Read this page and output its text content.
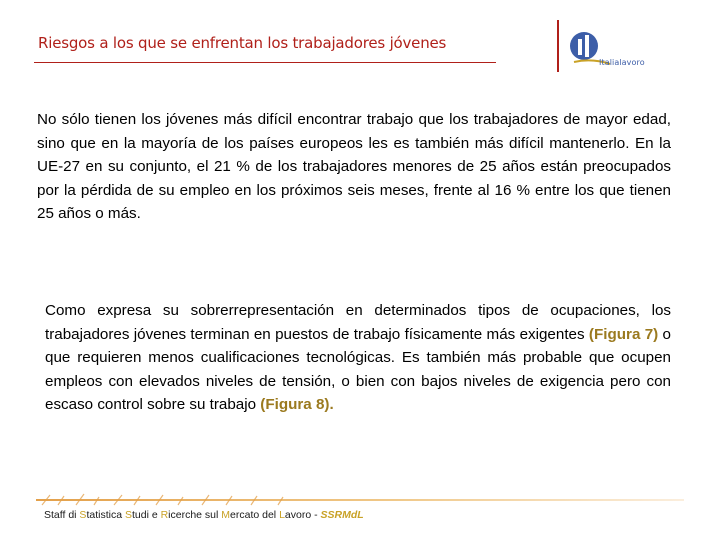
Riesgos a los que se enfrentan los trabajadores jóvenes
Italialavoro

No sólo tienen los jóvenes más difícil encontrar trabajo que los trabajadores de mayor edad, sino que en la mayoría de los países europeos les es también más difícil mantenerlo. En la UE-27 en su conjunto, el 21 % de los trabajadores menores de 25 años están preocupados por la pérdida de su empleo en los próximos seis meses, frente al 16 % entre los que tienen 25 años o más.

Como expresa su sobrerrepresentación en determinados tipos de ocupaciones, los trabajadores jóvenes terminan en puestos de trabajo físicamente más exigentes (Figura 7) o que requieren menos cualificaciones tecnológicas. Es también más probable que ocupen empleos con elevados niveles de tensión, o bien con bajos niveles de exigencia pero con escaso control sobre su trabajo (Figura 8).

Staff di Statistica Studi e Ricerche sul Mercato del Lavoro - SSRMdL
